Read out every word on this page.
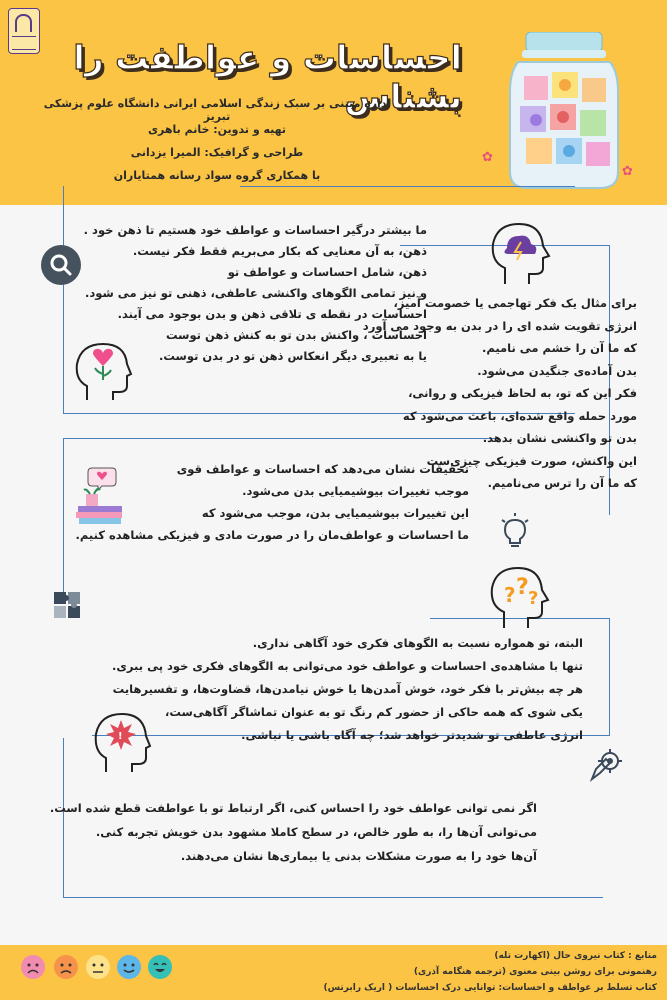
احساسات و عواطفت را بشناس
اداره مبتنی بر سبک زندگی اسلامی ایرانی دانشگاه علوم پزشکی تبریز
تهیه و تدوین: خانم باهری
طراحی و گرافیک: المیرا یزدانی
با همکاری گروه سواد رسانه همتایاران
✿
✿
? ? ?
!
ما بیشتر درگیر احساسات و عواطف خود هستیم تا ذهن خود .
ذهن، به آن معنایی که بکار می‌بریم فقط فکر نیست.
ذهن، شامل احساسات و عواطف تو
و نیز تمامی الگوهای واکنشی عاطفی، ذهنی تو نیز می شود.
احساسات در نقطه ی تلاقی ذهن و بدن بوجود می آیند.
احساسات ، واکنش بدن تو به کنش ذهن توست
یا به تعبیری دیگر انعکاس ذهن تو در بدن توست.
برای مثال یک فکر تهاجمی یا خصومت آمیز،
انرژی تقویت شده ای را در بدن به وجود می آورد
که ما آن را خشم می نامیم.
بدن آماده‌ی جنگیدن می‌شود.
فکر این که تو، به لحاظ فیزیکی و روانی،
مورد حمله واقع شده‌ای، باعث می‌شود که
بدن تو واکنشی نشان بدهد.
این واکنش، صورت فیزیکی چیزی‌ست
که ما آن را ترس می‌نامیم.
تحقیقات نشان می‌دهد که احساسات و عواطف قوی
موجب تغییرات بیوشیمیایی بدن می‌شود.
این تغییرات بیوشیمیایی بدن، موجب می‌شود که
ما احساسات و عواطف‌مان را در صورت مادی و فیزیکی مشاهده کنیم.
البته، تو همواره نسبت به الگوهای فکری خود آگاهی نداری.
تنها با مشاهده‌ی احساسات و عواطف خود می‌توانی به الگوهای فکری خود پی ببری.
هر چه بیش‌تر با فکر خود، خوش آمدن‌ها یا خوش نیامدن‌ها، قضاوت‌ها، و تفسیرهایت
یکی شوی که همه حاکی از حضور کم رنگ تو به عنوان تماشاگر آگاهی‌ست،
انرژی عاطفی تو شدیدتر خواهد شد؛ چه آگاه باشی یا نباشی.
اگر نمی توانی عواطف خود را احساس کنی، اگر ارتباط تو با عواطفت قطع شده است.
می‌توانی آن‌ها را، به طور خالص، در سطح کاملا مشهود بدن خویش تجربه کنی.
آن‌ها خود را به صورت مشکلات بدنی یا بیماری‌ها نشان می‌دهند.
منابع : کتاب نیروی حال (اکهارت تله)
رهنمونی برای روشن بینی معنوی (ترجمه هنگامه آذری)
کتاب تسلط بر عواطف و احساسات: توانایی درک احساسات ( اریک رابرتس)
